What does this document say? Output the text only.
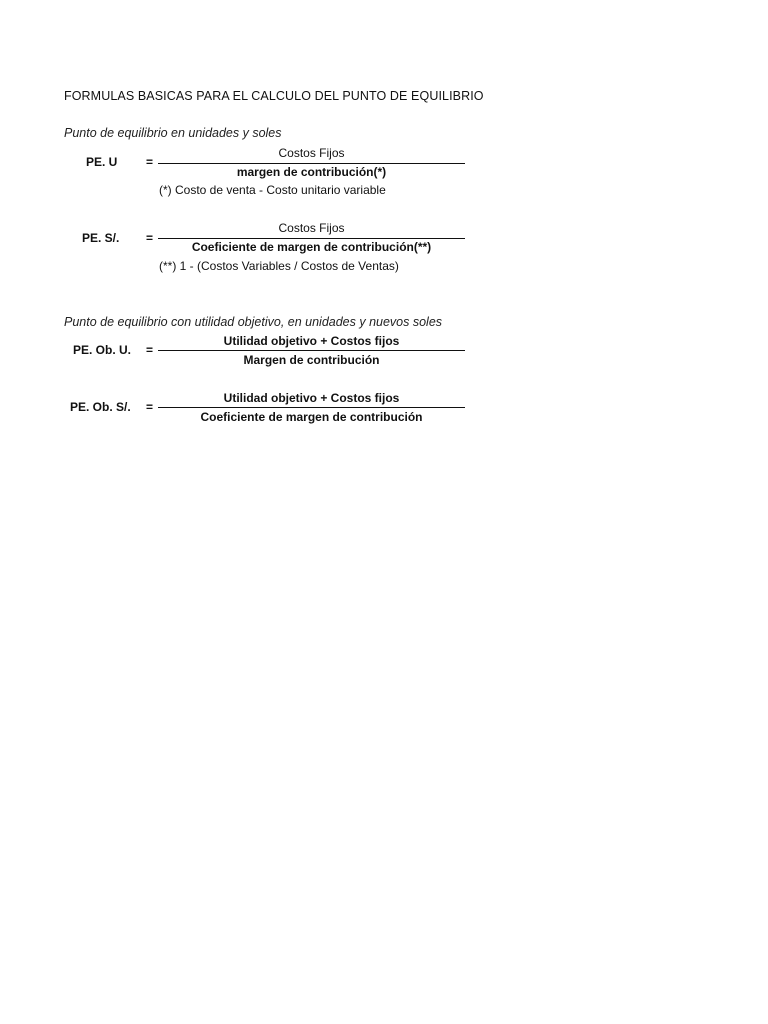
FORMULAS BASICAS PARA EL CALCULO DEL PUNTO DE EQUILIBRIO
Punto de equilibrio en unidades y soles
PE. U =
Costos Fijos
margen de contribución(*)
(*) Costo de venta - Costo unitario variable
PE. S/. =
Costos Fijos
Coeficiente de margen de contribución(**)
(**) 1 - (Costos Variables / Costos de Ventas)
Punto de equilibrio con utilidad objetivo, en unidades y nuevos soles
PE. Ob. U. =
Utilidad objetivo + Costos fijos
Margen de contribución
PE. Ob. S/. =
Utilidad objetivo + Costos fijos
Coeficiente de margen de contribución
